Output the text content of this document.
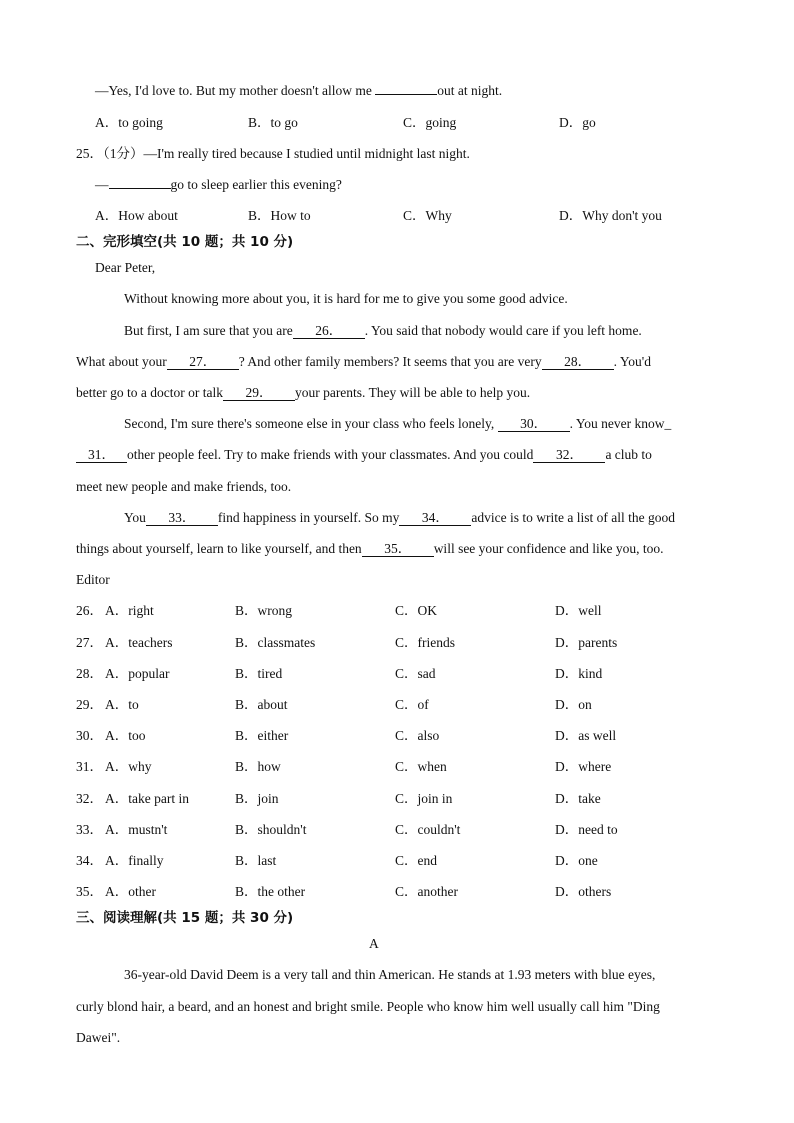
—Yes, I'd love to. But my mother doesn't allow me	out at night.
A．to going	B．to go	C．going	D．go
25．（1分）—I'm really tired because I studied until midnight last night.
—	go to sleep earlier this evening?
A．How about	B．How to	C．Why	D．Why don't you
二、完形填空(共 10 题；共 10 分)
Dear Peter,
Without knowing more about you, it is hard for me to give you some good advice.
But first, I am sure that you are 26． . You said that nobody would care if you left home.
What about your 27． ? And other family members? It seems that you are very 28． . You'd
better go to a doctor or talk 29． your parents. They will be able to help you.
Second, I'm sure there's someone else in your class who feels lonely, 30． . You never know_
31． other people feel. Try to make friends with your classmates. And you could 32． a club to
meet new people and make friends, too.
You 33． find happiness in yourself. So my 34． advice is to write a list of all the good
things about yourself, learn to like yourself, and then 35． will see your confidence and like you, too.
Editor
26． A．right	B．wrong	C．OK	D．well
27． A．teachers	B．classmates	C．friends	D．parents
28． A．popular	B．tired	C．sad	D．kind
29． A．to	B．about	C．of	D．on
30． A．too	B．either	C．also	D．as well
31． A．why	B．how	C．when	D．where
32． A．take part in	B．join	C．join in	D．take
33． A．mustn't	B．shouldn't	C．couldn't	D．need to
34． A．finally	B．last	C．end	D．one
35． A．other	B．the other	C．another	D．others
三、阅读理解(共 15 题；共 30 分)
A
36-year-old David Deem is a very tall and thin American. He stands at 1.93 meters with blue eyes,
curly blond hair, a beard, and an honest and bright smile. People who know him well usually call him "Ding
Dawei".
